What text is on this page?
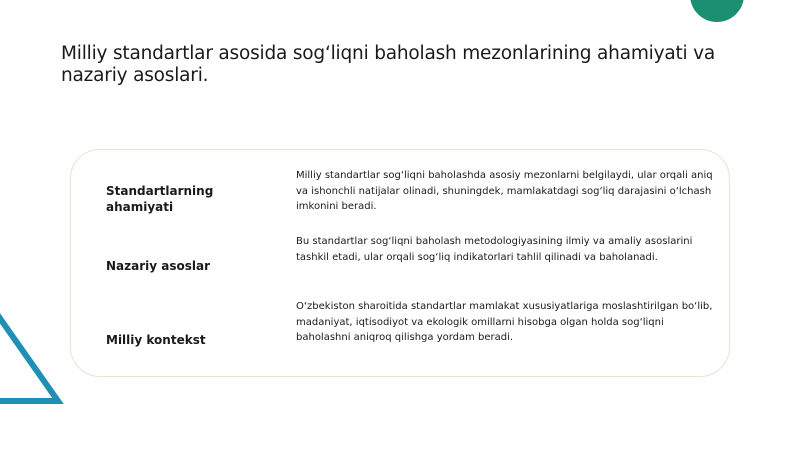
Milliy standartlar asosida sog‘liqni baholash mezonlarining ahamiyati va nazariy asoslari.
Standartlarning ahamiyati

Milliy standartlar sog‘liqni baholashda asosiy mezonlarni belgilaydi, ular orqali aniq va ishonchli natijalar olinadi, shuningdek, mamlakatdagi sog‘liq darajasini o‘lchash imkonini beradi.

Nazariy asoslar

Bu standartlar sog‘liqni baholash metodologiyasining ilmiy va amaliy asoslarini tashkil etadi, ular orqali sog‘liq indikatorlari tahlil qilinadi va baholanadi.

Milliy kontekst

O‘zbekiston sharoitida standartlar mamlakat xususiyatlariga moslashtirilgan bo‘lib, madaniyat, iqtisodiyot va ekologik omillarni hisobga olgan holda sog‘liqni baholashni aniqroq qilishga yordam beradi.
